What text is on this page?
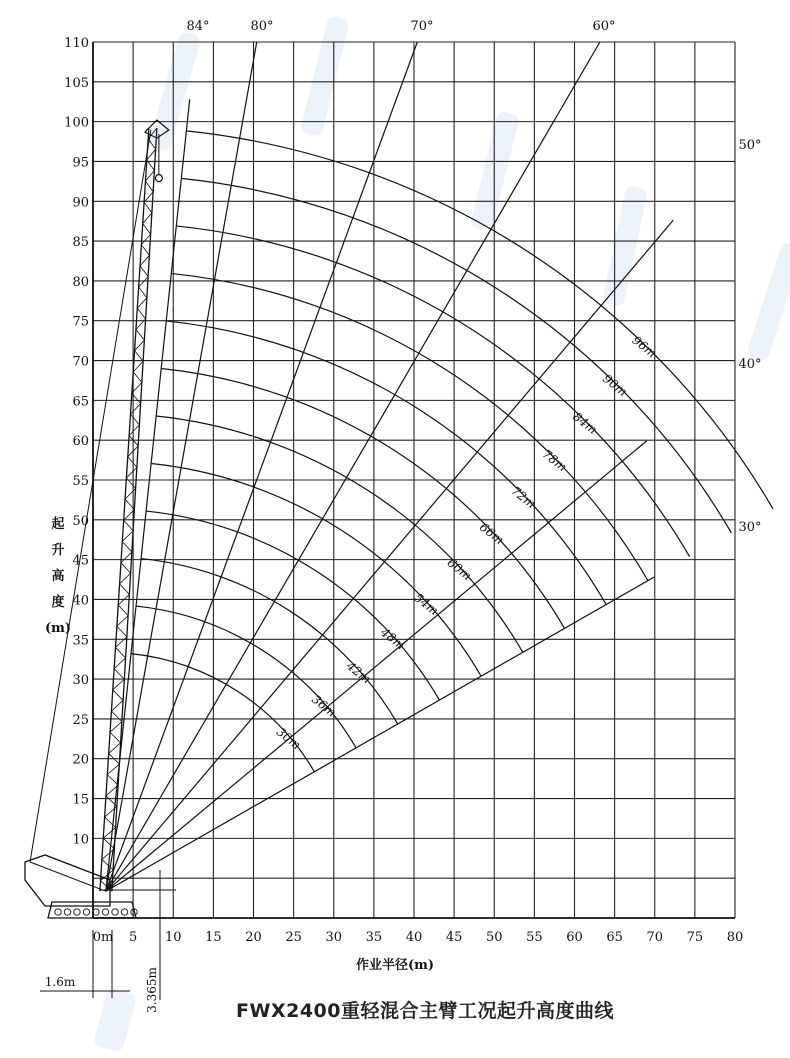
0m 5 10 15 20 25 30 35 40 45 50 55 60 65 70 75 80
10
15
20
25
30
35
40
45
50
55
60
65
70
75
80
85
90
95
100
105
110
起
升
高
度
(m)
作业半径(m)
84°	80°	70°	60°
50°
40°
30°
30m
36m
42m
48m
54m
60m
66m
72m
78m
84m
90m
96m
1.6m	3.365m	FWX2400重轻混合主臂工况起升高度曲线
